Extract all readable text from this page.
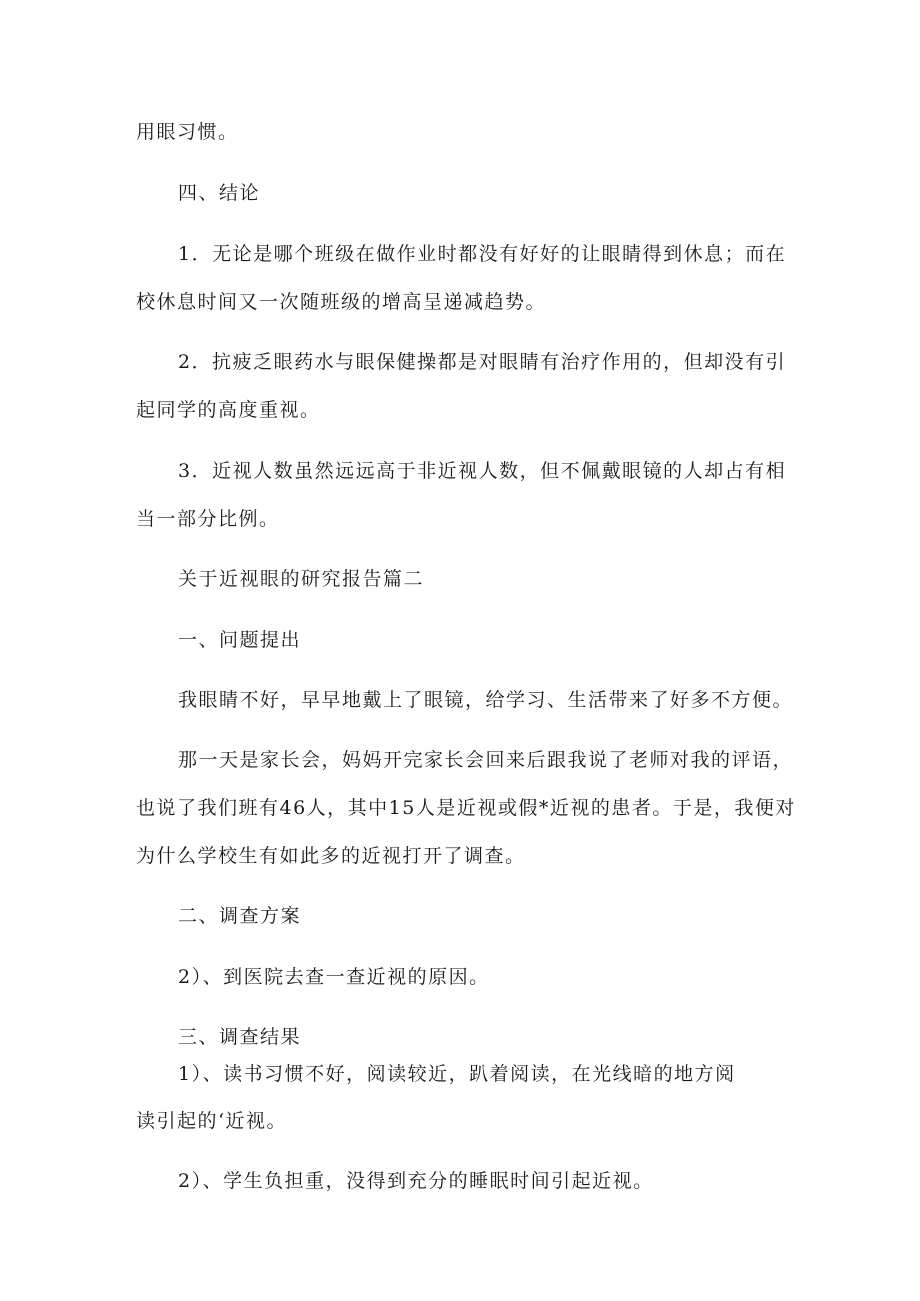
用眼习惯。
四、结论
1．无论是哪个班级在做作业时都没有好好的让眼睛得到休息；而在
校休息时间又一次随班级的增高呈递减趋势。
2．抗疲乏眼药水与眼保健操都是对眼睛有治疗作用的，但却没有引
起同学的高度重视。
3．近视人数虽然远远高于非近视人数，但不佩戴眼镜的人却占有相
当一部分比例。
关于近视眼的研究报告篇二
一、问题提出
我眼睛不好，早早地戴上了眼镜，给学习、生活带来了好多不方便。
那一天是家长会，妈妈开完家长会回来后跟我说了老师对我的评语，
也说了我们班有46人，其中15人是近视或假*近视的患者。于是，我便对
为什么学校生有如此多的近视打开了调查。
二、调查方案
2）、到医院去查一查近视的原因。
三、调查结果
1）、读书习惯不好，阅读较近，趴着阅读，在光线暗的地方阅
读引起的‘近视。
2）、学生负担重，没得到充分的睡眠时间引起近视。
